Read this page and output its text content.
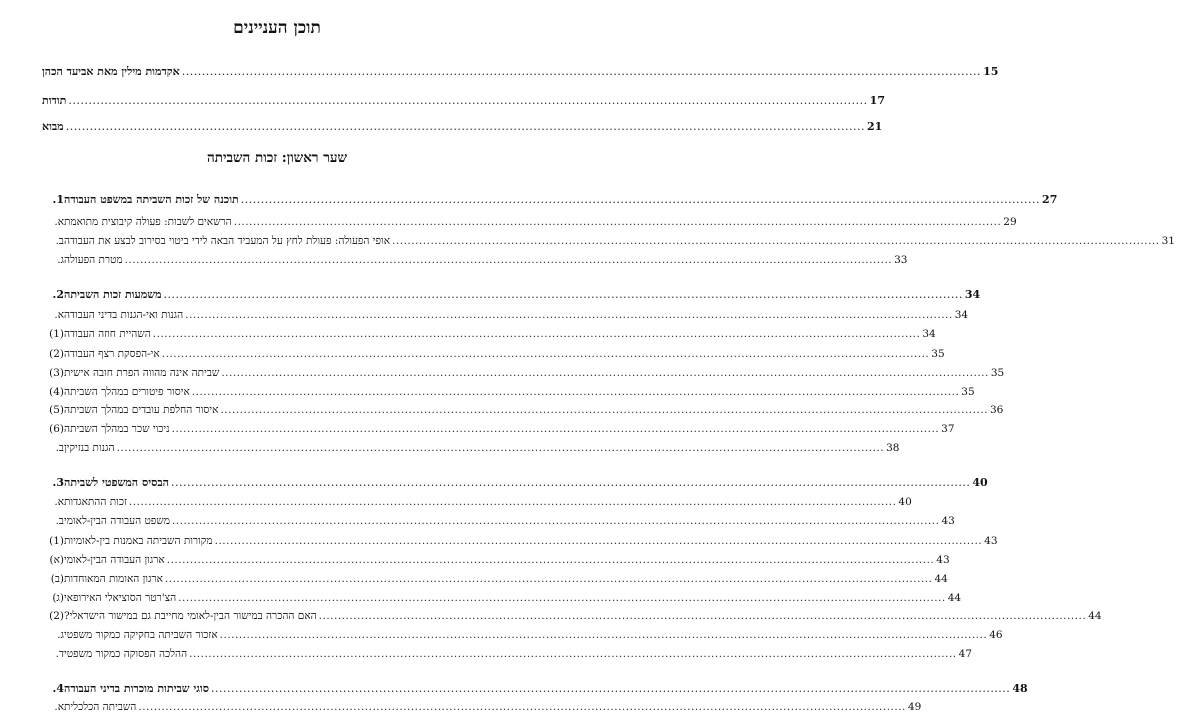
תוכן העניינים
שער ראשון: זכות השביתה
אקדמות מילין מאת אביעד הכהן ........................................................................................................................................................................................................ 15
תודות ........................................................................................................................................................................................................ 17
מבוא ........................................................................................................................................................................................................ 21
1. תוכנה של זכות השביתה במשפט העבודה ........................................................................................................................................................................................................ 27
א. הרשאים לשבות: פעולה קיבוצית מתואמת ........................................................................................................................................................................................................ 29
ב. אופי הפעולה: פעולת לחץ על המעביד הבאה לידי ביטוי בסירוב לבצע את העבודה ........................................................................................................................................................................................................ 31
ג. מטרת הפעולה ........................................................................................................................................................................................................ 33
2. משמעות זכות השביתה ........................................................................................................................................................................................................ 34
א. הגנות ואי-הגנות בדיני העבודה ........................................................................................................................................................................................................ 34
(1) השהיית חוזה העבודה ........................................................................................................................................................................................................ 34
(2) אי-הפסקת רצף העבודה ........................................................................................................................................................................................................ 35
(3) שביתה אינה מהווה הפרת חובה אישית ........................................................................................................................................................................................................ 35
(4) איסור פיטורים במהלך השביתה ........................................................................................................................................................................................................ 35
(5) איסור החלפת עובדים במהלך השביתה ........................................................................................................................................................................................................ 36
(6) ניכוי שכר במהלך השביתה ........................................................................................................................................................................................................ 37
ב. הגנות בנזיקין ........................................................................................................................................................................................................ 38
3. הבסיס המשפטי לשביתה ........................................................................................................................................................................................................ 40
א. זכות ההתאגדות ........................................................................................................................................................................................................ 40
ב. משפט העבודה הבין-לאומי ........................................................................................................................................................................................................ 43
(1) מקורות השביתה באמנות בין-לאומיות ........................................................................................................................................................................................................ 43
(א) ארגון העבודה הבין-לאומי ........................................................................................................................................................................................................ 43
(ב) ארגון האומות המאוחדות ........................................................................................................................................................................................................ 44
(ג) הצ'רטר הסוציאלי האירופאי ........................................................................................................................................................................................................ 44
(2) האם ההכרה במישור הבין-לאומי מחייבת גם במישור הישראלי? ........................................................................................................................................................................................................ 44
ג. אזכור השביתה בחקיקה כמקור משפטי ........................................................................................................................................................................................................ 46
ד. ההלכה הפסוקה כמקור משפטי ........................................................................................................................................................................................................ 47
4. סוגי שביתות מוכרות בדיני העבודה ........................................................................................................................................................................................................ 48
א. השביתה הכלכלית ........................................................................................................................................................................................................ 49
